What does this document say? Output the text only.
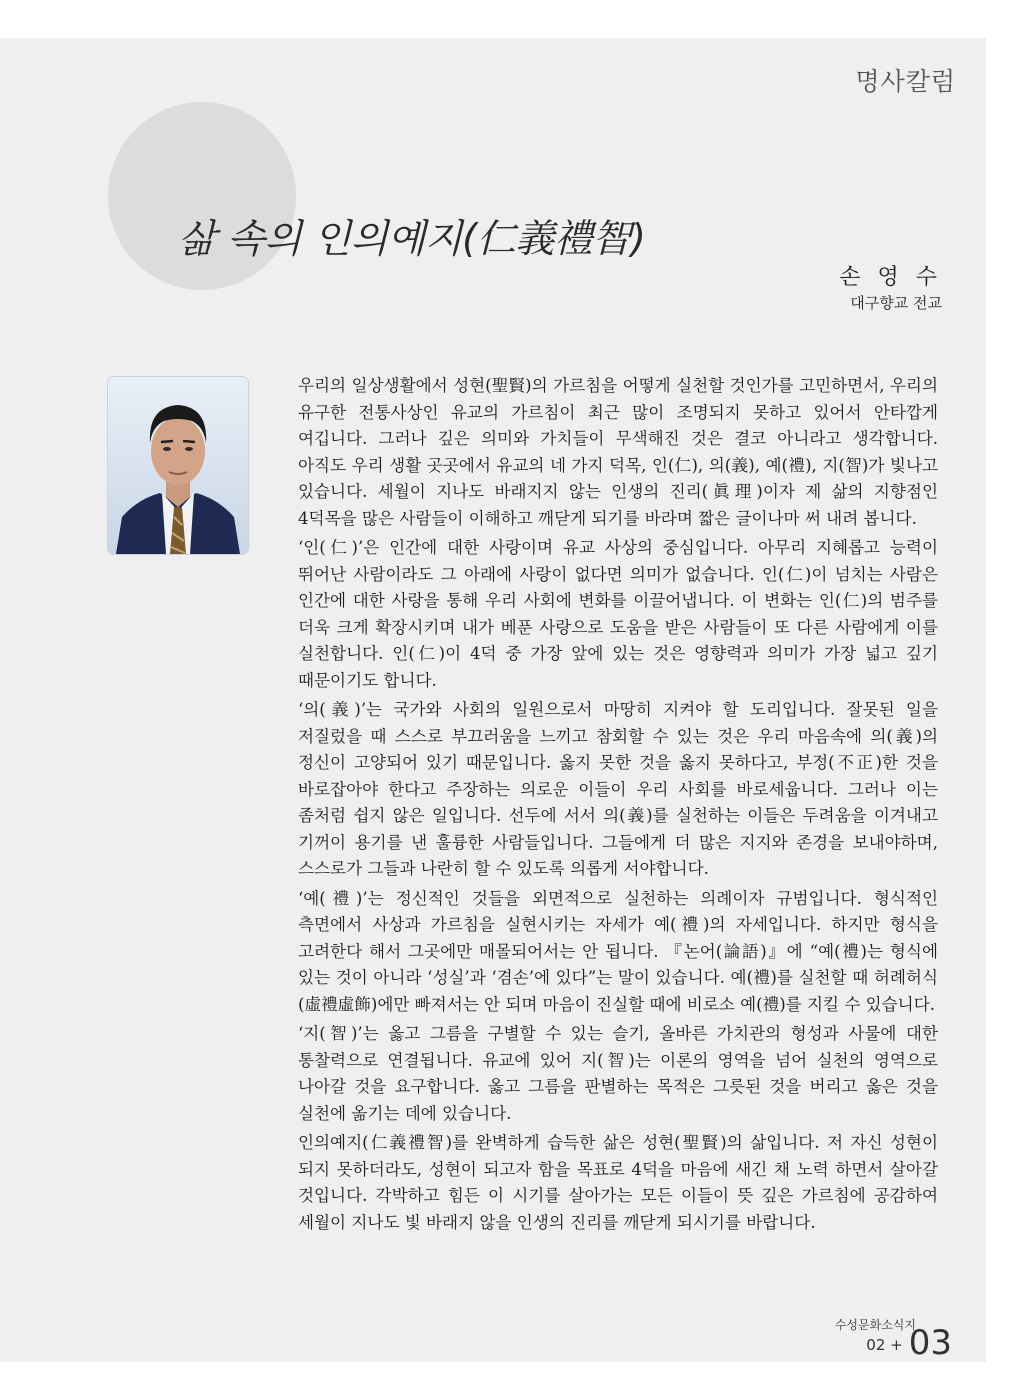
명사칼럼
삶 속의 인의예지(仁義禮智)
손 영 수
대구향교 전교

우리의 일상생활에서 성현(聖賢)의 가르침을 어떻게 실천할 것인가를 고민하면서, 우리의 유구한 전통사상인 유교의 가르침이 최근 많이 조명되지 못하고 있어서 안타깝게 여깁니다. 그러나 깊은 의미와 가치들이 무색해진 것은 결코 아니라고 생각합니다. 아직도 우리 생활 곳곳에서 유교의 네 가지 덕목, 인(仁), 의(義), 예(禮), 지(智)가 빛나고 있습니다. 세월이 지나도 바래지지 않는 인생의 진리(眞理)이자 제 삶의 지향점인 4덕목을 많은 사람들이 이해하고 깨닫게 되기를 바라며 짧은 글이나마 써 내려 봅니다.

‘인(仁)’은 인간에 대한 사랑이며 유교 사상의 중심입니다. 아무리 지혜롭고 능력이 뛰어난 사람이라도 그 아래에 사랑이 없다면 의미가 없습니다. 인(仁)이 넘치는 사람은 인간에 대한 사랑을 통해 우리 사회에 변화를 이끌어냅니다. 이 변화는 인(仁)의 범주를 더욱 크게 확장시키며 내가 베푼 사랑으로 도움을 받은 사람들이 또 다른 사람에게 이를 실천합니다. 인(仁)이 4덕 중 가장 앞에 있는 것은 영향력과 의미가 가장 넓고 깊기 때문이기도 합니다.

‘의(義)’는 국가와 사회의 일원으로서 마땅히 지켜야 할 도리입니다. 잘못된 일을 저질렀을 때 스스로 부끄러움을 느끼고 참회할 수 있는 것은 우리 마음속에 의(義)의 정신이 고양되어 있기 때문입니다. 옳지 못한 것을 옳지 못하다고, 부정(不正)한 것을 바로잡아야 한다고 주장하는 의로운 이들이 우리 사회를 바로세웁니다. 그러나 이는 좀처럼 쉽지 않은 일입니다. 선두에 서서 의(義)를 실천하는 이들은 두려움을 이겨내고 기꺼이 용기를 낸 훌륭한 사람들입니다. 그들에게 더 많은 지지와 존경을 보내야하며, 스스로가 그들과 나란히 할 수 있도록 의롭게 서야합니다.

‘예(禮)’는 정신적인 것들을 외면적으로 실천하는 의례이자 규범입니다. 형식적인 측면에서 사상과 가르침을 실현시키는 자세가 예(禮)의 자세입니다. 하지만 형식을 고려한다 해서 그곳에만 매몰되어서는 안 됩니다. 『논어(論語)』에 “예(禮)는 형식에 있는 것이 아니라 ‘성실’과 ‘겸손’에 있다”는 말이 있습니다. 예(禮)를 실천할 때 허례허식(虛禮虛飾)에만 빠져서는 안 되며 마음이 진실할 때에 비로소 예(禮)를 지킬 수 있습니다.

‘지(智)’는 옳고 그름을 구별할 수 있는 슬기, 올바른 가치관의 형성과 사물에 대한 통찰력으로 연결됩니다. 유교에 있어 지(智)는 이론의 영역을 넘어 실천의 영역으로 나아갈 것을 요구합니다. 옳고 그름을 판별하는 목적은 그릇된 것을 버리고 옳은 것을 실천에 옮기는 데에 있습니다.

인의예지(仁義禮智)를 완벽하게 습득한 삶은 성현(聖賢)의 삶입니다. 저 자신 성현이 되지 못하더라도, 성현이 되고자 함을 목표로 4덕을 마음에 새긴 채 노력 하면서 살아갈 것입니다. 각박하고 힘든 이 시기를 살아가는 모든 이들이 뜻 깊은 가르침에 공감하여 세월이 지나도 빛 바래지 않을 인생의 진리를 깨닫게 되시기를 바랍니다.

수성문화소식지
02 + 03
